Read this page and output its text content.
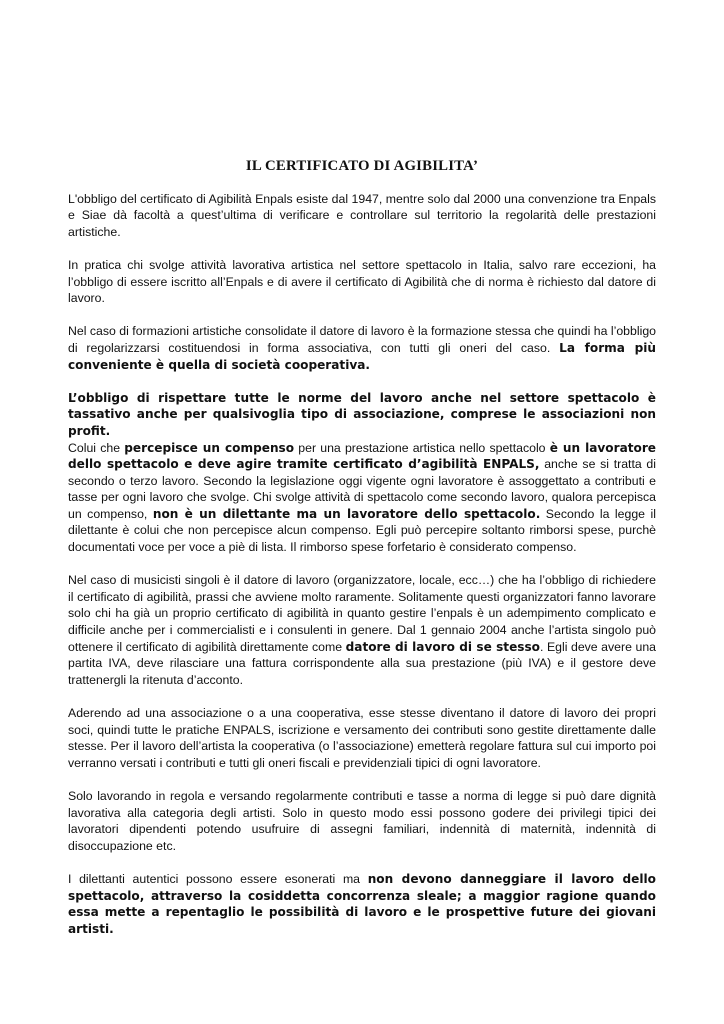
IL CERTIFICATO DI AGIBILITA’

L'obbligo del certificato di Agibilità Enpals esiste dal 1947, mentre solo dal 2000 una convenzione tra Enpals e Siae dà facoltà a quest’ultima di verificare e controllare sul territorio la regolarità delle prestazioni artistiche.

In pratica chi svolge attività lavorativa artistica nel settore spettacolo in Italia, salvo rare eccezioni, ha l’obbligo di essere iscritto all’Enpals e di avere il certificato di Agibilità che di norma è richiesto dal datore di lavoro.

Nel caso di formazioni artistiche consolidate il datore di lavoro è la formazione stessa che quindi ha l’obbligo di regolarizzarsi costituendosi in forma associativa, con tutti gli oneri del caso. La forma più conveniente è quella di società cooperativa.

L’obbligo di rispettare tutte le norme del lavoro anche nel settore spettacolo è tassativo anche per qualsivoglia tipo di associazione, comprese le associazioni non profit.

Colui che percepisce un compenso per una prestazione artistica nello spettacolo è un lavoratore dello spettacolo e deve agire tramite certificato d’agibilità ENPALS, anche se si tratta di secondo o terzo lavoro. Secondo la legislazione oggi vigente ogni lavoratore è assoggettato a contributi e tasse per ogni lavoro che svolge. Chi svolge attività di spettacolo come secondo lavoro, qualora percepisca un compenso, non è un dilettante ma un lavoratore dello spettacolo. Secondo la legge il dilettante è colui che non percepisce alcun compenso. Egli può percepire soltanto rimborsi spese, purchè documentati voce per voce a piè di lista. Il rimborso spese forfetario è considerato compenso.

Nel caso di musicisti singoli è il datore di lavoro (organizzatore, locale, ecc…) che ha l’obbligo di richiedere il certificato di agibilità, prassi che avviene molto raramente. Solitamente questi organizzatori fanno lavorare solo chi ha già un proprio certificato di agibilità in quanto gestire l’enpals è un adempimento complicato e difficile anche per i commercialisti e i consulenti in genere. Dal 1 gennaio 2004 anche l’artista singolo può ottenere il certificato di agibilità direttamente come datore di lavoro di se stesso. Egli deve avere una partita IVA, deve rilasciare una fattura corrispondente alla sua prestazione (più IVA) e il gestore deve trattenergli la ritenuta d’acconto.

Aderendo ad una associazione o a una cooperativa, esse stesse diventano il datore di lavoro dei propri soci, quindi tutte le pratiche ENPALS, iscrizione e versamento dei contributi sono gestite direttamente dalle stesse. Per il lavoro dell’artista la cooperativa (o l’associazione) emetterà regolare fattura sul cui importo poi verranno versati i contributi e tutti gli oneri fiscali e previdenziali tipici di ogni lavoratore.

Solo lavorando in regola e versando regolarmente contributi e tasse a norma di legge si può dare dignità lavorativa alla categoria degli artisti. Solo in questo modo essi possono godere dei privilegi tipici dei lavoratori dipendenti potendo usufruire di assegni familiari, indennità di maternità, indennità di disoccupazione etc.

I dilettanti autentici possono essere esonerati ma non devono danneggiare il lavoro dello spettacolo, attraverso la cosiddetta concorrenza sleale; a maggior ragione quando essa mette a repentaglio le possibilità di lavoro e le prospettive future dei giovani artisti.
